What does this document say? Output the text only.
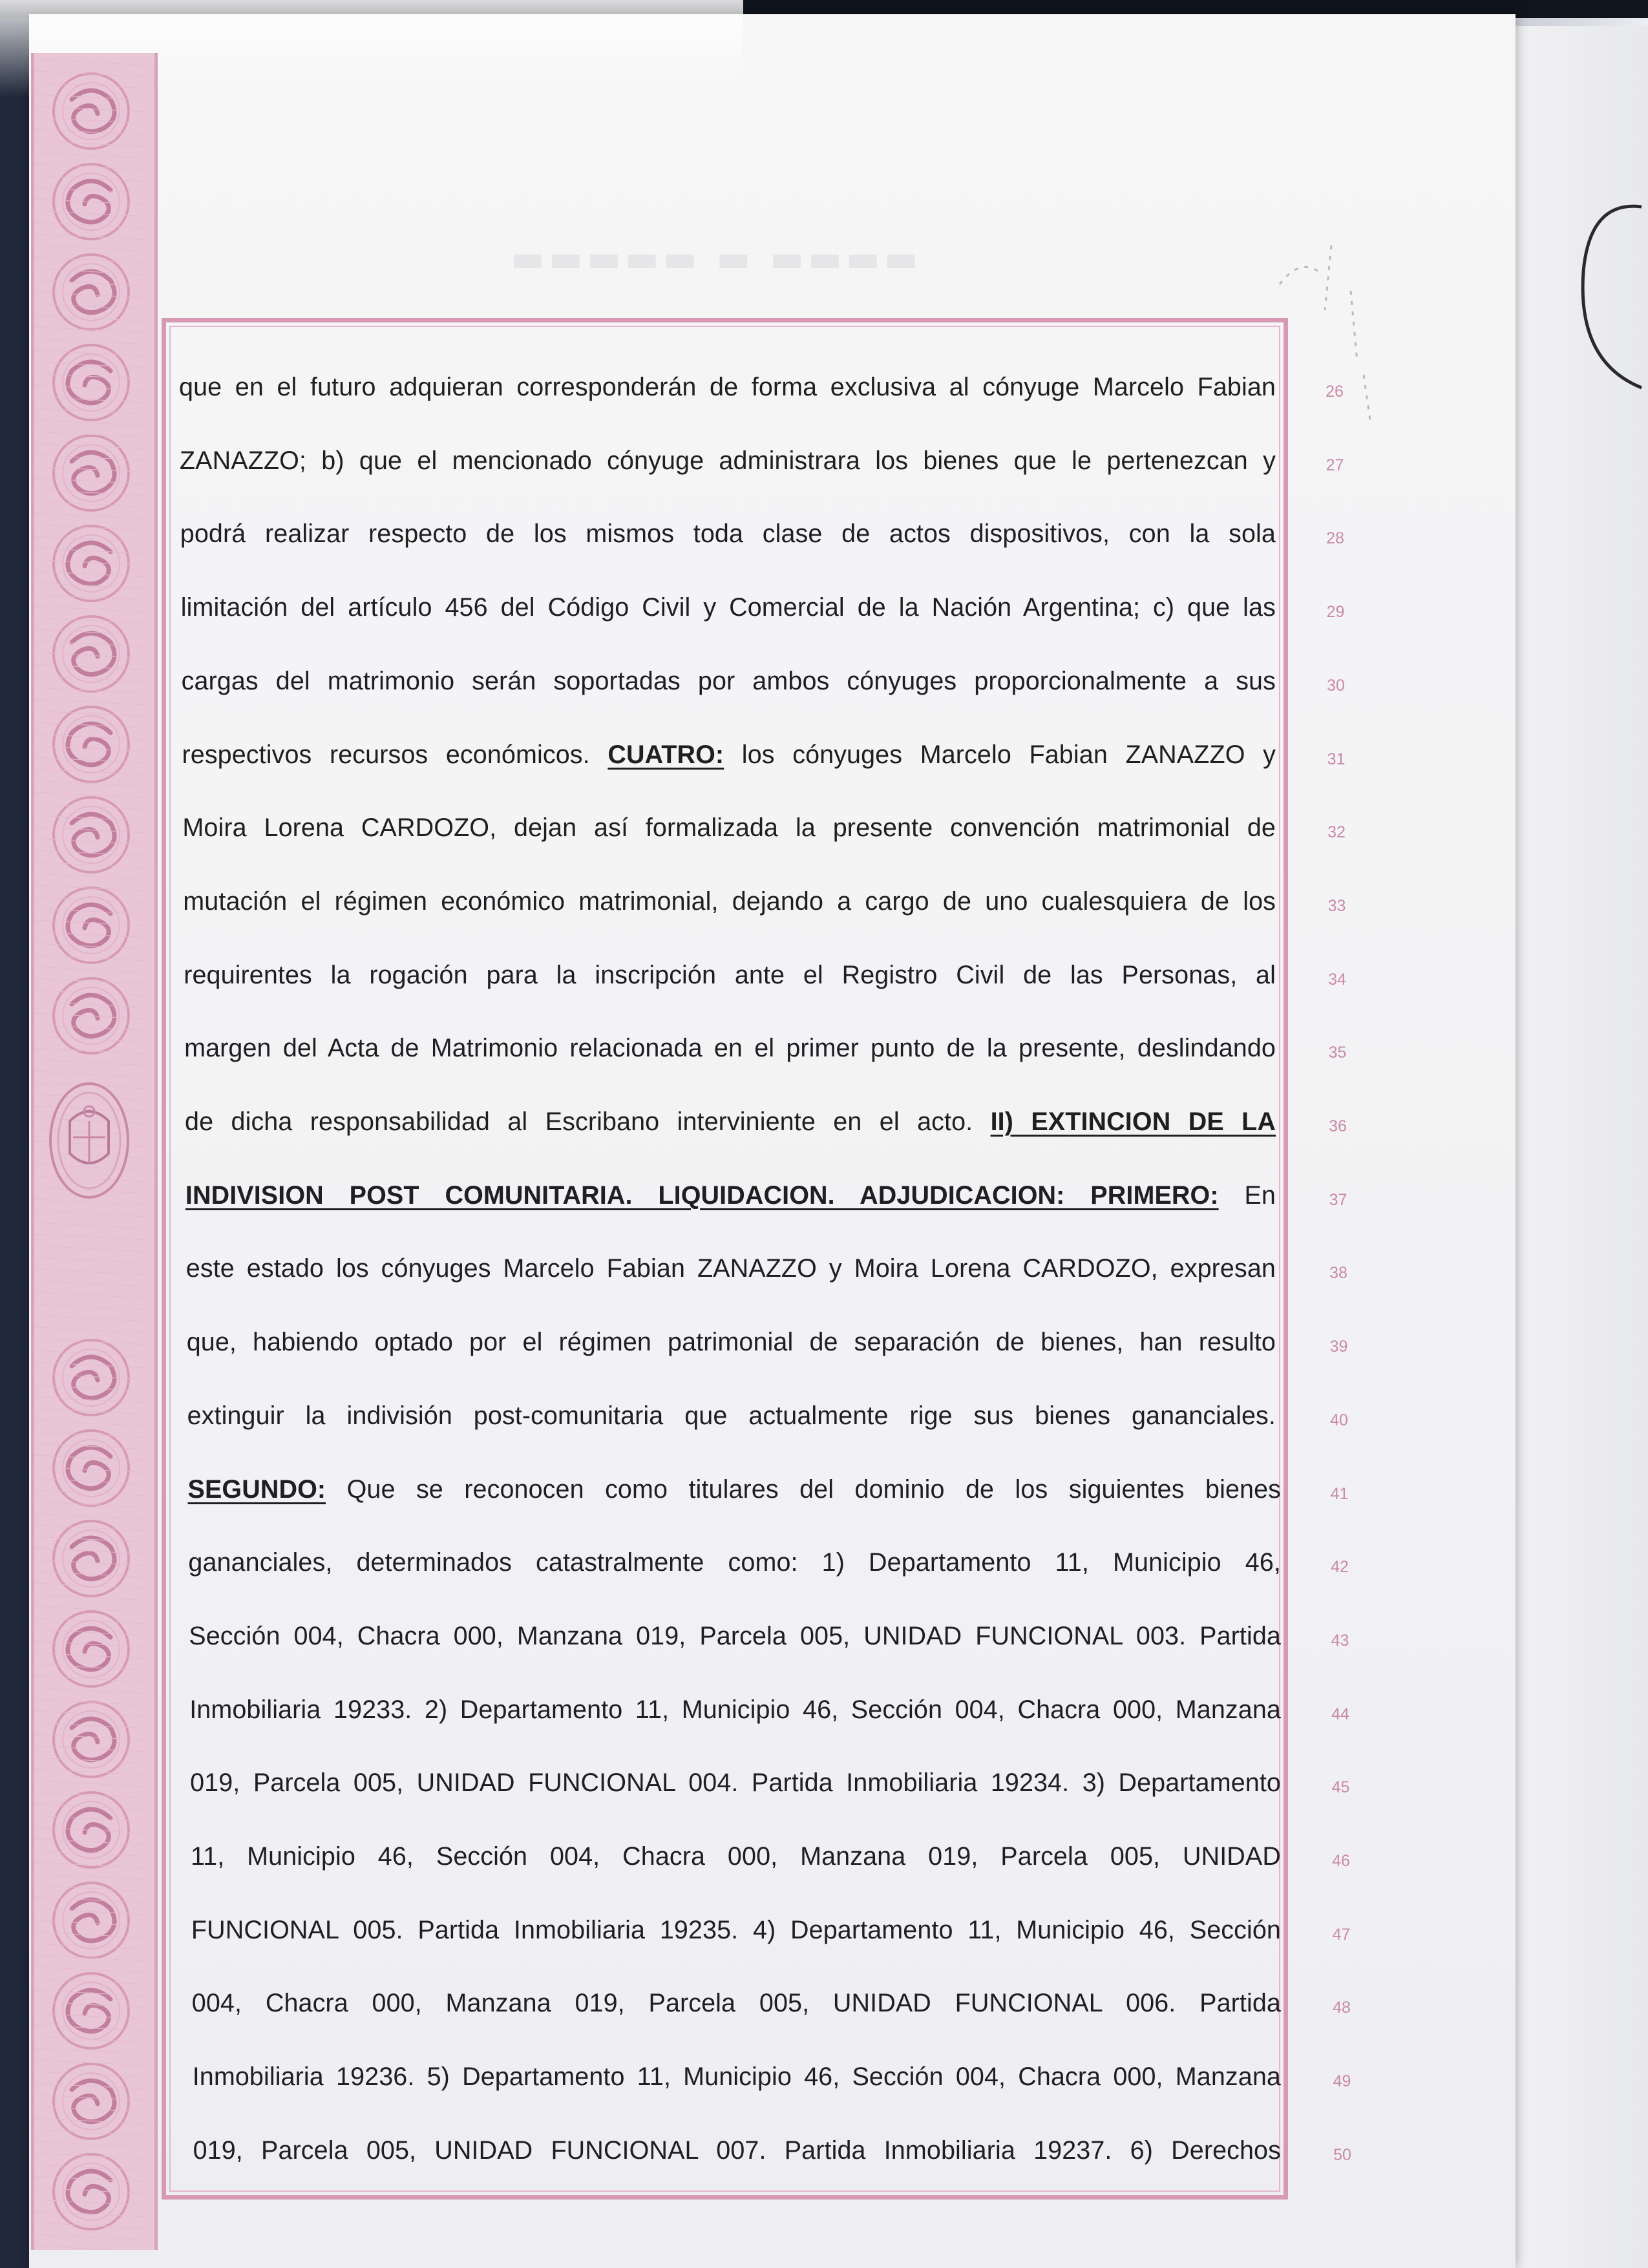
▬▬▬▬▬ ▬ ▬▬▬▬
que en el futuro adquieran corresponderán de forma exclusiva al cónyuge Marcelo Fabian	26
ZANAZZO; b) que el mencionado cónyuge administrara los bienes que le pertenezcan y	27
podrá realizar respecto de los mismos toda clase de actos dispositivos, con la sola	28
limitación del artículo 456 del Código Civil y Comercial de la Nación Argentina; c) que las	29
cargas del matrimonio serán soportadas por ambos cónyuges proporcionalmente a sus	30
respectivos recursos económicos. CUATRO: los cónyuges Marcelo Fabian ZANAZZO y	31
Moira Lorena CARDOZO, dejan así formalizada la presente convención matrimonial de	32
mutación el régimen económico matrimonial, dejando a cargo de uno cualesquiera de los	33
requirentes la rogación para la inscripción ante el Registro Civil de las Personas, al	34
margen del Acta de Matrimonio relacionada en el primer punto de la presente, deslindando	35
de dicha responsabilidad al Escribano interviniente en el acto. II) EXTINCION DE LA	36
INDIVISION POST COMUNITARIA. LIQUIDACION. ADJUDICACION: PRIMERO: En	37
este estado los cónyuges Marcelo Fabian ZANAZZO y Moira Lorena CARDOZO, expresan	38
que, habiendo optado por el régimen patrimonial de separación de bienes, han resulto	39
extinguir la indivisión post-comunitaria que actualmente rige sus bienes gananciales.	40
SEGUNDO: Que se reconocen como titulares del dominio de los siguientes bienes	41
gananciales, determinados catastralmente como: 1) Departamento 11, Municipio 46,	42
Sección 004, Chacra 000, Manzana 019, Parcela 005, UNIDAD FUNCIONAL 003. Partida	43
Inmobiliaria 19233. 2) Departamento 11, Municipio 46, Sección 004, Chacra 000, Manzana	44
019, Parcela 005, UNIDAD FUNCIONAL 004. Partida Inmobiliaria 19234. 3) Departamento	45
11, Municipio 46, Sección 004, Chacra 000, Manzana 019, Parcela 005, UNIDAD	46
FUNCIONAL 005. Partida Inmobiliaria 19235. 4) Departamento 11, Municipio 46, Sección	47
004, Chacra 000, Manzana 019, Parcela 005, UNIDAD FUNCIONAL 006. Partida	48
Inmobiliaria 19236. 5) Departamento 11, Municipio 46, Sección 004, Chacra 000, Manzana	49
019, Parcela 005, UNIDAD FUNCIONAL 007. Partida Inmobiliaria 19237. 6) Derechos	50
